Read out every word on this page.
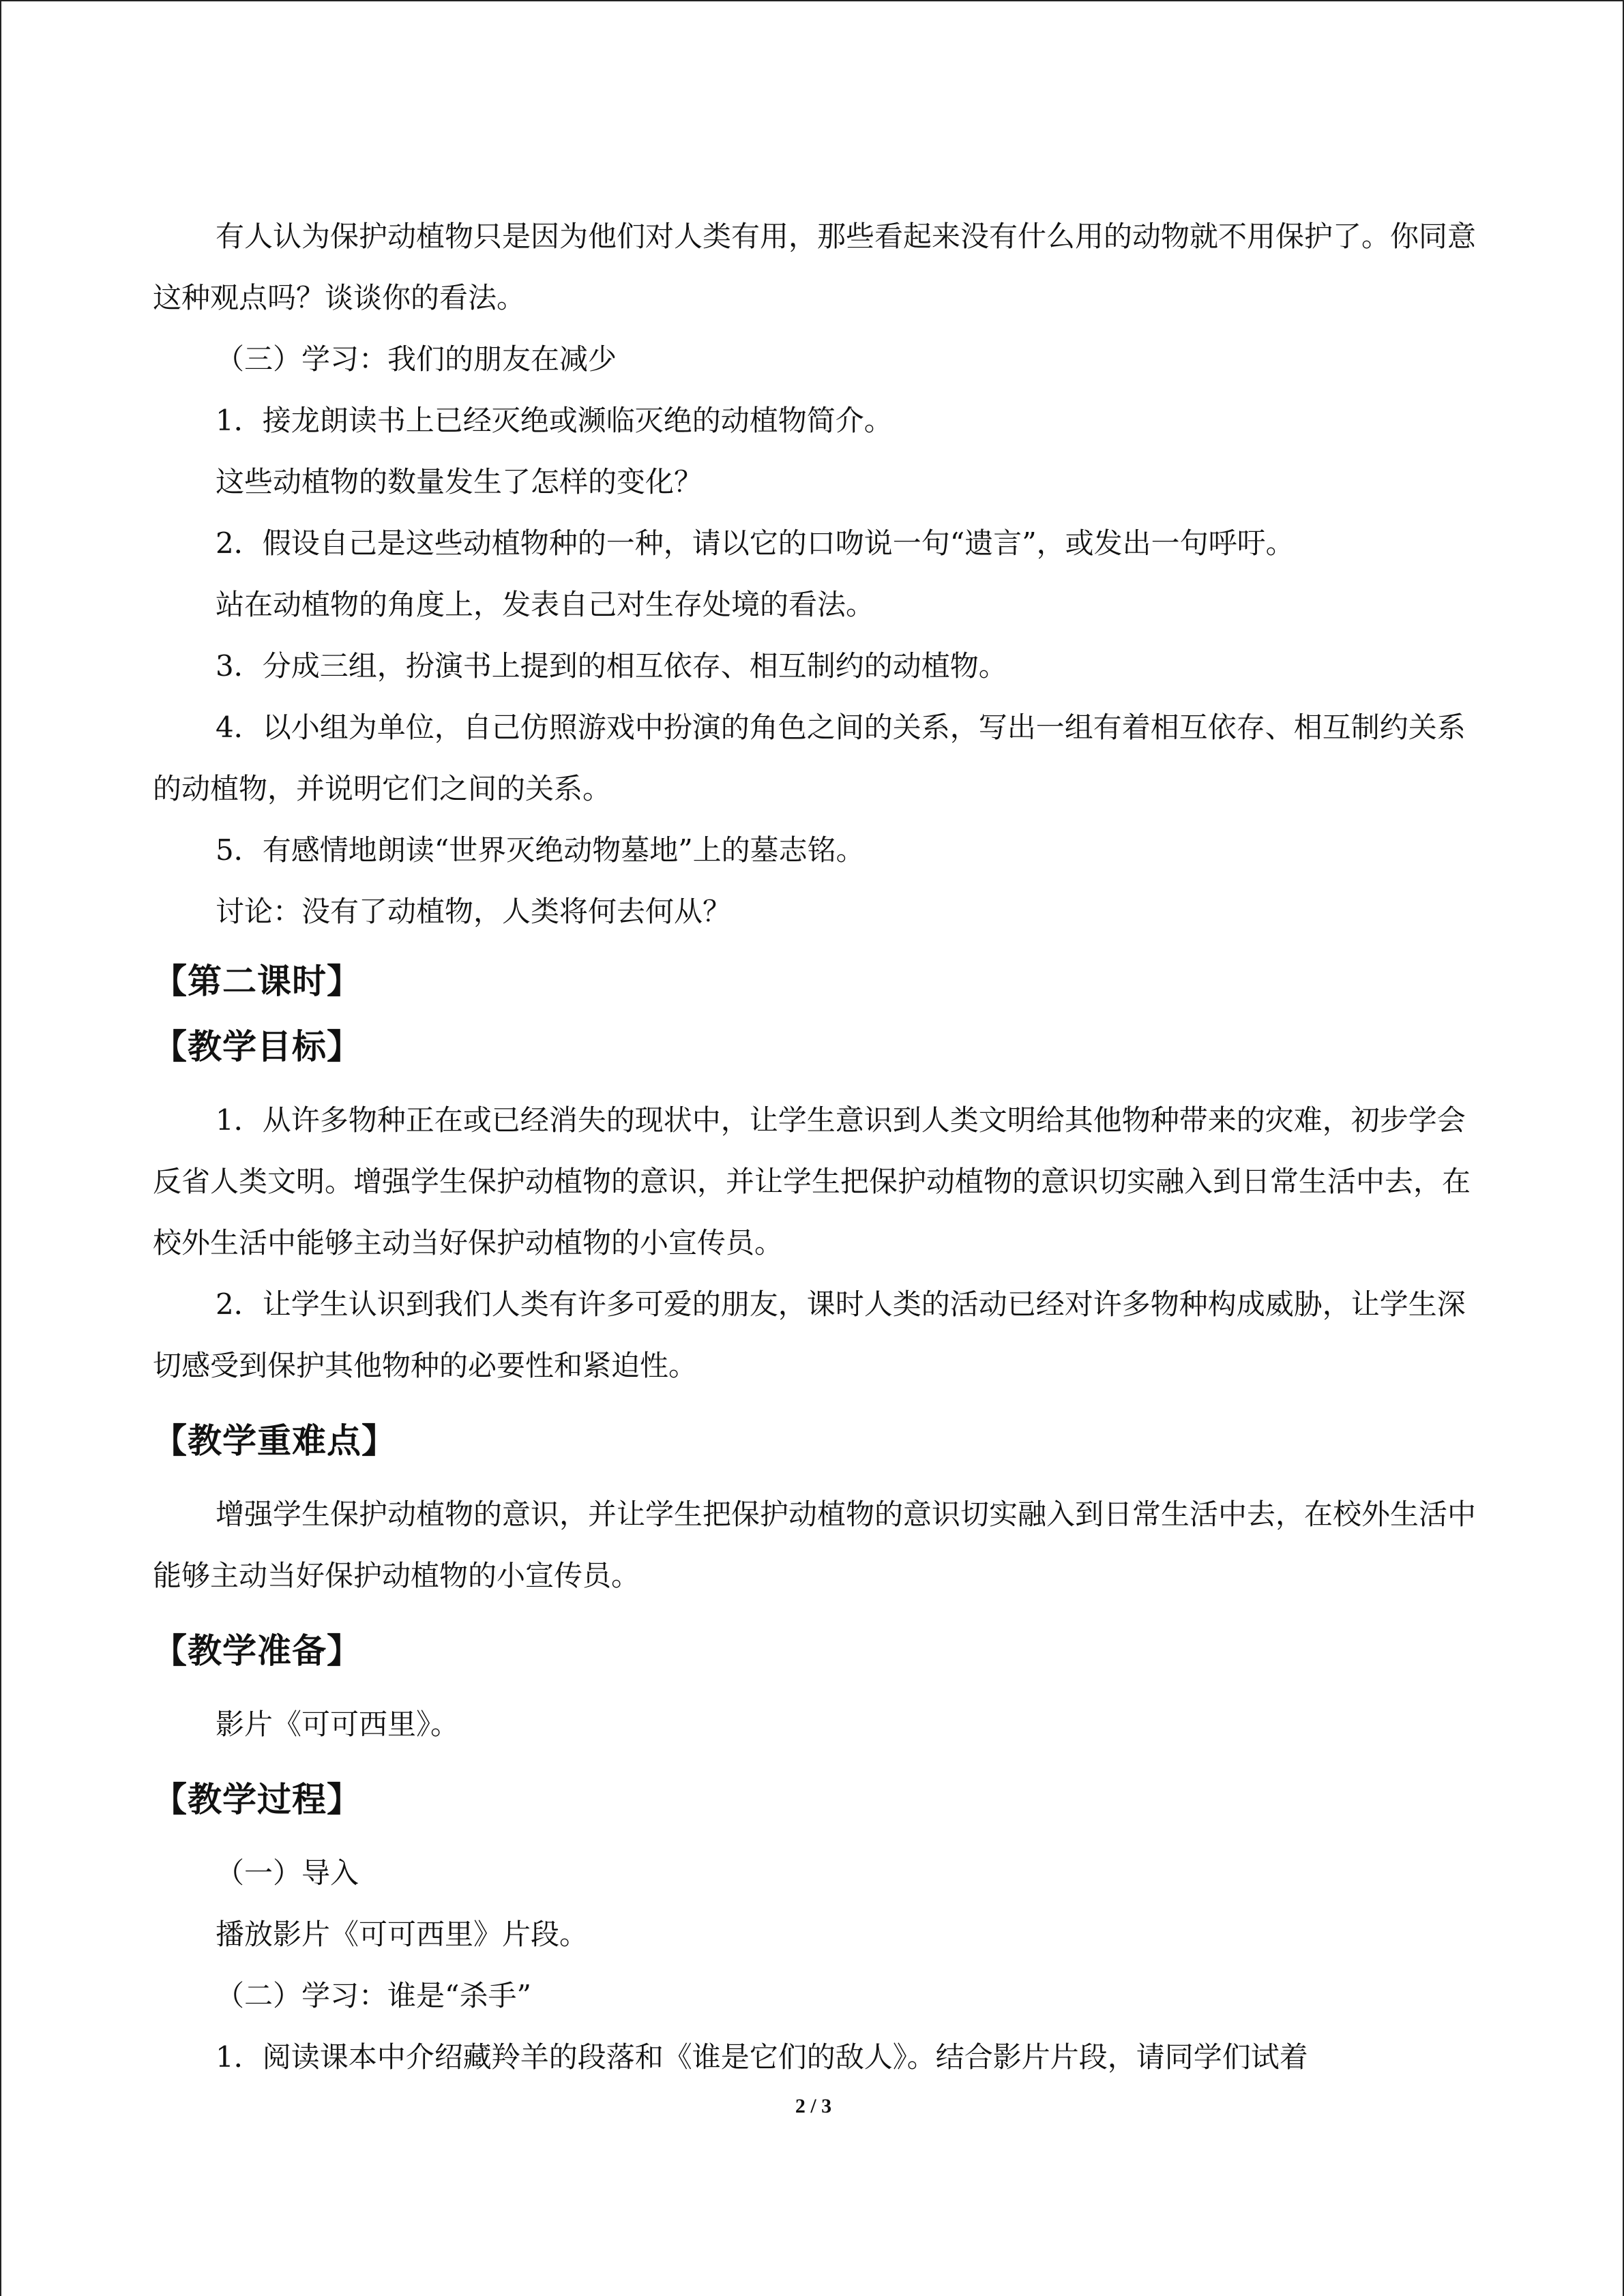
有人认为保护动植物只是因为他们对人类有用，那些看起来没有什么用的动物就不用保护了。你同意这种观点吗？谈谈你的看法。

（三）学习：我们的朋友在减少

1．接龙朗读书上已经灭绝或濒临灭绝的动植物简介。

这些动植物的数量发生了怎样的变化？

2．假设自己是这些动植物种的一种，请以它的口吻说一句“遗言”，或发出一句呼吁。

站在动植物的角度上，发表自己对生存处境的看法。

3．分成三组，扮演书上提到的相互依存、相互制约的动植物。

4．以小组为单位，自己仿照游戏中扮演的角色之间的关系，写出一组有着相互依存、相互制约关系的动植物，并说明它们之间的关系。

5．有感情地朗读“世界灭绝动物墓地”上的墓志铭。

讨论：没有了动植物，人类将何去何从？

【第二课时】
【教学目标】

1．从许多物种正在或已经消失的现状中，让学生意识到人类文明给其他物种带来的灾难，初步学会反省人类文明。增强学生保护动植物的意识，并让学生把保护动植物的意识切实融入到日常生活中去，在校外生活中能够主动当好保护动植物的小宣传员。

2．让学生认识到我们人类有许多可爱的朋友，课时人类的活动已经对许多物种构成威胁，让学生深切感受到保护其他物种的必要性和紧迫性。

【教学重难点】

增强学生保护动植物的意识，并让学生把保护动植物的意识切实融入到日常生活中去，在校外生活中能够主动当好保护动植物的小宣传员。

【教学准备】

影片《可可西里》。

【教学过程】

（一）导入

播放影片《可可西里》片段。

（二）学习：谁是“杀手”

1．阅读课本中介绍藏羚羊的段落和《谁是它们的敌人》。结合影片片段，请同学们试着

2 / 3
